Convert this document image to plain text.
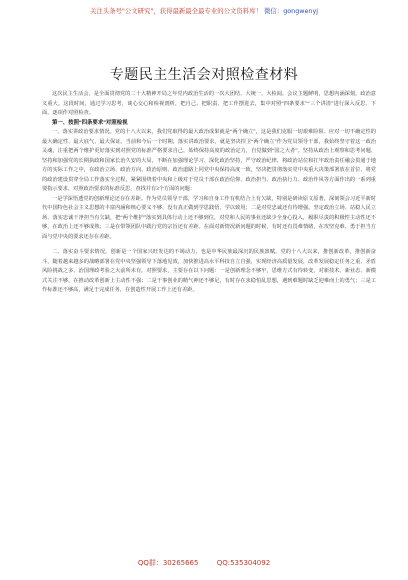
关注头条号"公文研究"，获得最新最全最专业的公文资料库！ 微信：gongwenyj
专题民主生活会对照检查材料

这次民主生活会，是全面贯彻党的二十大精神开局之年党内政治生活的一次大团结、大统一、大检阅。会议主题鲜明，思想内涵深刻，政治意义重大。这段时间，通过学习思考，谈心交心和检视剖析，把自己、把职责、把工作摆进去，集中对照“四条要求”“三个讲清”进行深入反思、下面，逐项作对照检查。

第一、按照“四条要求”对照检视

一、落实讲政治要求情况。党的十八大以来，我们党取得的最大政治成果就是“两个确立”，这是我们克服一切艰难险阻、应对一切不确定性的最大确定性、最大底气、最大保证。当前和今后一个时期，落实讲政治要求，就是坚决捍卫“两个确立”作为党员领导干部，我始终坚守着这一政治灵魂，注重把两个维护更好落实到对照党的标准严格要求自己，始终保持高度的政治定力，自觉做到“国之大者”。坚持从政治上观察和思考问题、坚持和加强党的长期执政和国家长治久安的大局，不断在加强理论学习、深化政治坚持，严守政治纪律，将政治站位和扛牢政治责任融会贯通于地方的实际工作之中，在政治立场、政治方向、政治原则、政治道路上同党中央保持高度一致，坚决把贯彻落实党中央重大决策部署放在首位、将党的政治建设贯穿全局工作落实全过程，紧紧围绕着中央和上级对于党员干部在政治信仰、政治担当、政治执行力、政治作风等方面作出的一系列重要指示要求，对照政治要求的标准反思，查找并有3个方面的问题：

一是学深悟透党的创新理论还存在差距。作为党员领导干部，学习和自身工作有机结合上有欠缺，特别是研读原文原著，深刻领会习近平新时代中国特色社会主义思想的丰富内涵和核心要义不够、没有真正做到学思践悟、学以致用；二是对党忠诚还有待增强。坚定政治立场、站稳人民立场、落实忠诚干净担当有欠缺，把“两个维护”落实到具体行动上还不够到位，对党和人民的事业还缺少全身心投入，履职尽责的积极性主动性还不够，在政治上还不够成熟；三是在带领团队中践行党的宗旨还有差距。在面对新情况新问题的时候，有时还有畏难情绪，在攻坚克难、勇于担当方面与党中央的要求还存在差距。

二、落实奋斗要求情况。创新是一个国家兴旺发达的不竭动力，也是中华民族最深沉的民族禀赋。党的十八大以来，推创新改革，推创新奋斗，随着越来越多的战略部署在党中央坚强领导下落地见效，加快推进高水平科技自立自强，实现经济高质量发展，改革发展稳定任务之重、矛盾风险挑战之多、治国理政考验之大前所未有。对照要求，主要存在以下问题：一是创新理念不够牢，思维方式有待转变，对新技术、新业态、新模式关注不够，在推动改革创新上主动性不强；二是干事创业的精气神还不够足，有时存在求稳怕乱思想，遇到难题时缺乏迎难而上的勇气；三是工作标准还不够高，满足于完成任务，在创造性开展工作上还有差距。

QQ群：30265665	QQ:535304092
